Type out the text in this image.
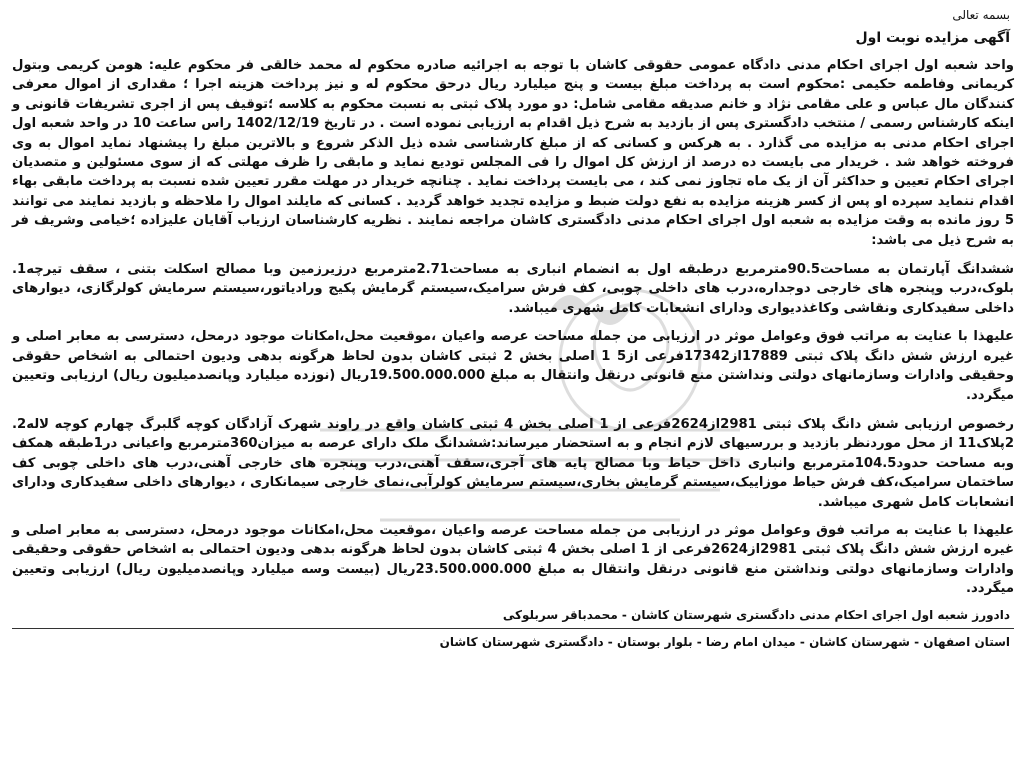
بسمه تعالی
آگهی مزایده نوبت اول

واحد شعبه اول اجرای احکام مدنی دادگاه عمومی حقوقی کاشان با توجه به اجرائیه صادره محکوم له محمد خالقی فر محکوم علیه: هومن کریمی وبتول کریمانی وفاطمه حکیمی :محکوم است به پرداخت مبلغ بیست و پنج میلیارد ریال درحق محکوم له و نیز پرداخت هزینه اجرا ؛ مقداری از اموال معرفی کنندگان مال عباس و علی مقامی نژاد و خانم صدیقه مقامی شامل: دو مورد پلاک ثبتی به نسبت محکوم به کلاسه ؛توقیف پس از اجری تشریفات قانونی و اینکه کارشناس رسمی / منتخب دادگستری پس از بازدید به شرح ذیل اقدام به ارزیابی نموده است . در تاریخ 1402/12/19 راس ساعت 10 در واحد شعبه اول اجرای احکام مدنی به مزایده می گذارد . به هرکس و کسانی که از مبلغ کارشناسی شده ذیل الذکر شروع و بالاترین مبلغ را پیشنهاد نماید اموال به وی فروخته خواهد شد . خریدار می بایست ده درصد از ارزش کل اموال را فی المجلس تودیع نماید و مابقی را ظرف مهلتی که از سوی مسئولین و متصدیان اجرای احکام تعیین و حداکثر آن از یک ماه تجاوز نمی کند ، می بایست پرداخت نماید . چنانچه خریدار در مهلت مقرر تعیین شده نسبت به پرداخت مابقی بهاء اقدام ننماید سپرده او پس از کسر هزینه مزایده به نفع دولت ضبط و مزایده تجدید خواهد گردید . کسانی که مایلند اموال را ملاحظه و بازدید نمایند می توانند 5 روز مانده به وقت مزایده به شعبه اول اجرای احکام مدنی دادگستری کاشان مراجعه نمایند . نظریه کارشناسان ارزیاب آقایان علیزاده ؛خیامی وشریف فر به شرح ذیل می باشد:

ششدانگ آپارتمان به مساحت90.5مترمربع درطبقه اول به انضمام انباری به مساحت2.71مترمربع درزیرزمین وبا مصالح اسکلت بتنی ، سقف تیرچه1. بلوک،درب وپنجره های خارجی دوجداره،درب های داخلی چوبی، کف فرش سرامیک،سیستم گرمایش پکیج ورادیاتور،سیستم سرمایش کولرگازی، دیوارهای داخلی سفیدکاری ونقاشی وکاغذدیواری ودارای انشعابات کامل شهری میباشد.

علیهذا با عنایت به مراتب فوق وعوامل موثر در ارزیابی من جمله مساحت عرصه واعیان ،موقعیت محل،امکانات موجود درمحل، دسترسی به معابر اصلی و غیره ارزش شش دانگ پلاک ثبتی 17889از17342فرعی از5 1 اصلی بخش 2 ثبتی کاشان بدون لحاظ هرگونه بدهی ودیون احتمالی به اشخاص حقوقی وحقیقی وادارات وسازمانهای دولتی ونداشتن منع قانونی درنقل وانتقال به مبلغ 19.500.000.000ریال (نوزده میلیارد وپانصدمیلیون ریال) ارزیابی وتعیین میگردد.

رخصوص ارزیابی شش دانگ پلاک ثبتی 2981از2624فرعی از 1 اصلی بخش 4 ثبتی کاشان واقع در راوند شهرک آزادگان کوچه گلبرگ چهارم کوچه لاله2. 2پلاک11 از محل موردنظر بازدید و بررسیهای لازم انجام و به استحضار میرساند:ششدانگ ملک دارای عرصه به میزان360مترمربع واعیانی در1طبقه همکف وبه مساحت حدود104.5مترمربع وانباری داخل حیاط وبا مصالح پایه های آجری،سقف آهنی،درب وپنجره های خارجی آهنی،درب های داخلی چوبی کف ساختمان سرامیک،کف فرش حیاط موزاییک،سیستم گرمایش بخاری،سیستم سرمایش کولرآبی،نمای خارجی سیمانکاری ، دیوارهای داخلی سفیدکاری ودارای انشعابات کامل شهری میباشد.

علیهذا با عنایت به مراتب فوق وعوامل موثر در ارزیابی من جمله مساحت عرصه واعیان ،موقعیت محل،امکانات موجود درمحل، دسترسی به معابر اصلی و غیره ارزش شش دانگ پلاک ثبتی 2981از2624فرعی از 1 اصلی بخش 4 ثبتی کاشان بدون لحاظ هرگونه بدهی ودیون احتمالی به اشخاص حقوقی وحقیقی وادارات وسازمانهای دولتی ونداشتن منع قانونی درنقل وانتقال به مبلغ 23.500.000.000ریال (بیست وسه میلیارد وپانصدمیلیون ریال) ارزیابی وتعیین میگردد.

دادورز شعبه اول اجرای احکام مدنی دادگستری شهرستان کاشان - محمدباقر سربلوکی
استان اصفهان - شهرستان کاشان - میدان امام رضا - بلوار بوستان - دادگستری شهرستان کاشان
